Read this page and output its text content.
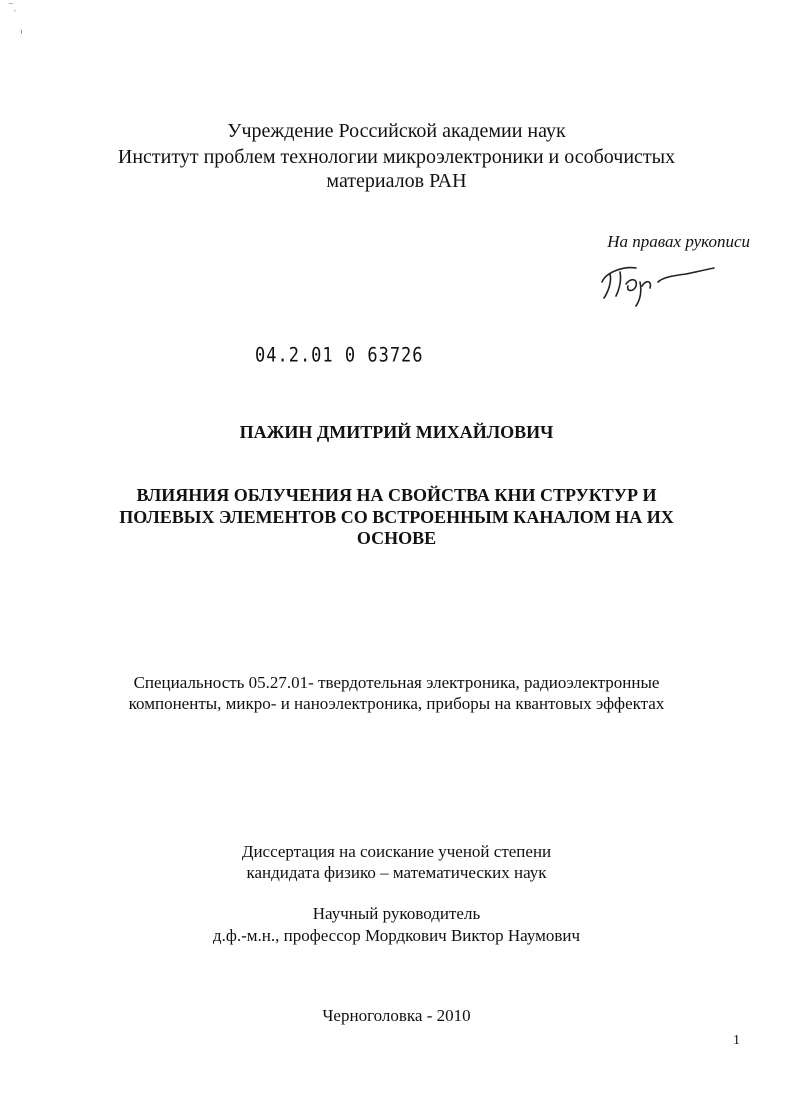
⁻ˌ
⁾
Учреждение Российской академии наук
Институт проблем технологии микроэлектроники и особочистых
материалов РАН
На правах рукописи
04.2.01 0 63726
ПАЖИН ДМИТРИЙ МИХАЙЛОВИЧ
ВЛИЯНИЯ ОБЛУЧЕНИЯ НА СВОЙСТВА КНИ СТРУКТУР И
ПОЛЕВЫХ ЭЛЕМЕНТОВ СО ВСТРОЕННЫМ КАНАЛОМ НА ИХ
ОСНОВЕ
Специальность 05.27.01- твердотельная электроника, радиоэлектронные
компоненты, микро- и наноэлектроника, приборы на квантовых эффектах
Диссертация на соискание ученой степени
кандидата физико – математических наук
Научный руководитель
д.ф.-м.н., профессор Мордкович Виктор Наумович
Черноголовка - 2010
1
